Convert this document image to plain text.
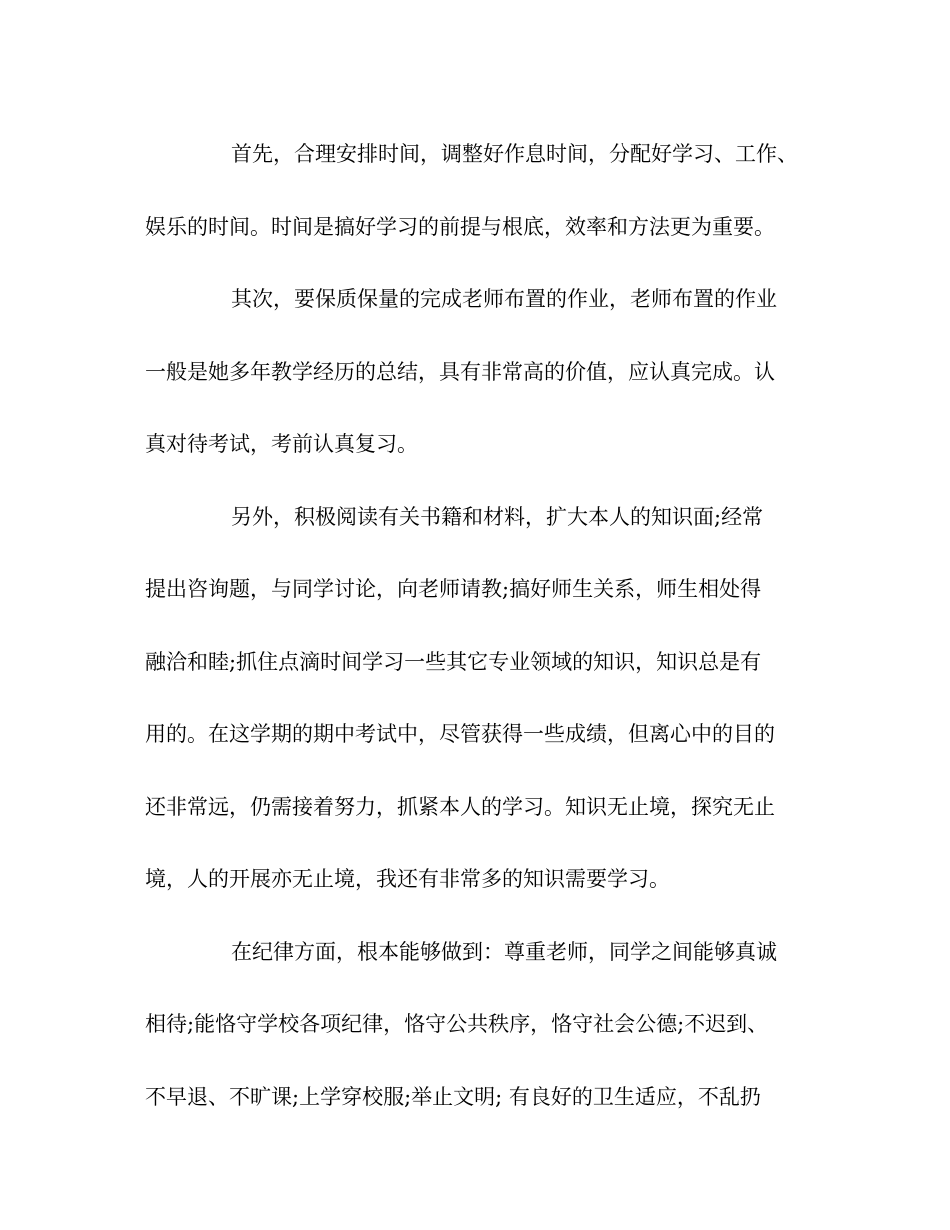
首先，合理安排时间，调整好作息时间，分配好学习、工作、
娱乐的时间。时间是搞好学习的前提与根底，效率和方法更为重要。
其次，要保质保量的完成老师布置的作业，老师布置的作业
一般是她多年教学经历的总结，具有非常高的价值，应认真完成。认
真对待考试，考前认真复习。
另外，积极阅读有关书籍和材料，扩大本人的知识面;经常
提出咨询题，与同学讨论，向老师请教;搞好师生关系，师生相处得
融洽和睦;抓住点滴时间学习一些其它专业领域的知识，知识总是有
用的。在这学期的期中考试中，尽管获得一些成绩，但离心中的目的
还非常远，仍需接着努力，抓紧本人的学习。知识无止境，探究无止
境，人的开展亦无止境，我还有非常多的知识需要学习。
在纪律方面，根本能够做到：尊重老师，同学之间能够真诚
相待;能恪守学校各项纪律，恪守公共秩序，恪守社会公德;不迟到、
不早退、不旷课;上学穿校服;举止文明; 有良好的卫生适应，不乱扔
